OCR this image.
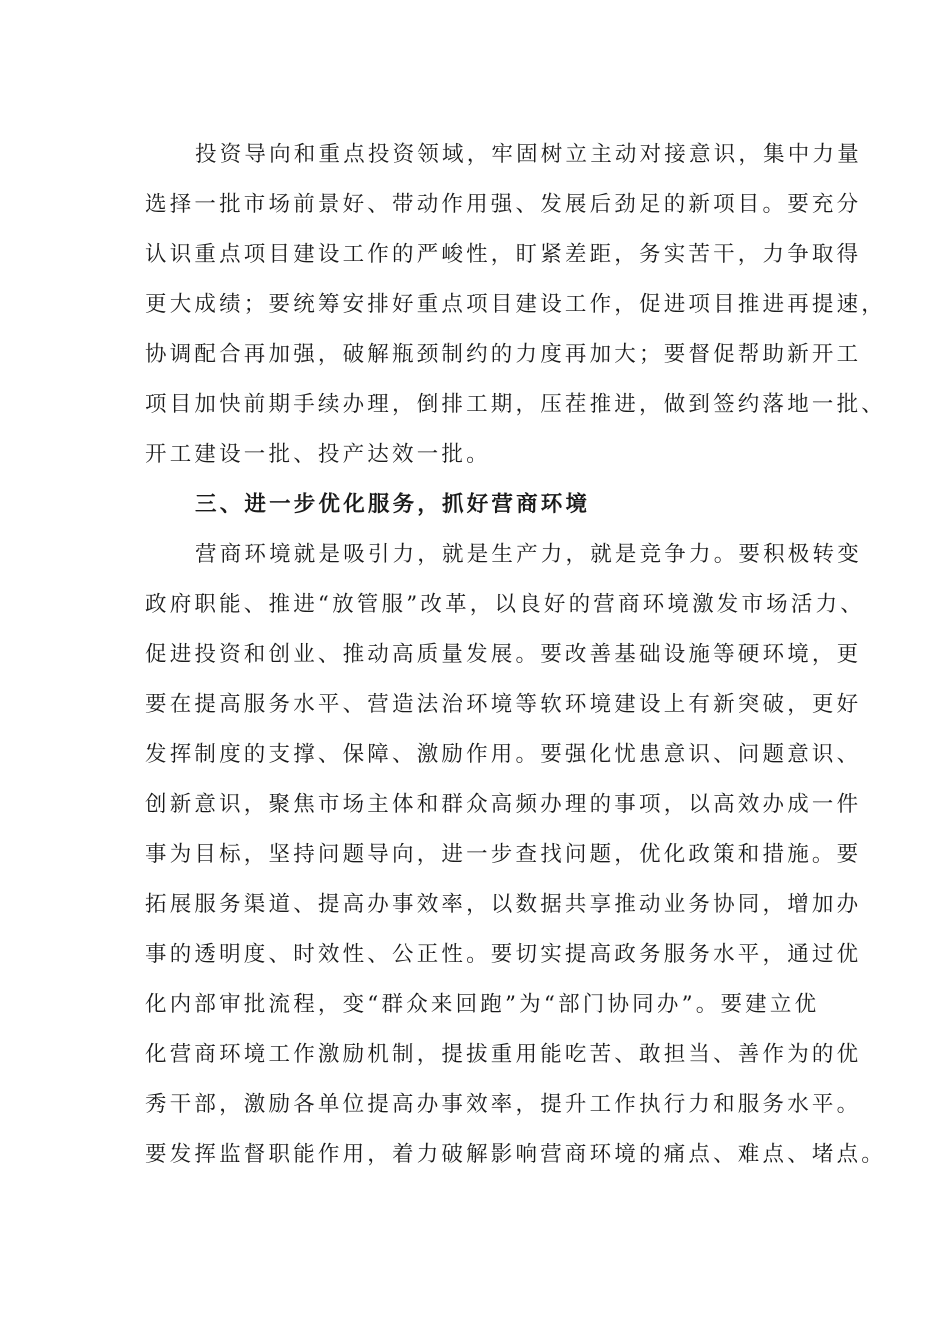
投资导向和重点投资领域，牢固树立主动对接意识，集中力量
选择一批市场前景好、带动作用强、发展后劲足的新项目。要充分
认识重点项目建设工作的严峻性，盯紧差距，务实苦干，力争取得
更大成绩；要统筹安排好重点项目建设工作，促进项目推进再提速，
协调配合再加强，破解瓶颈制约的力度再加大；要督促帮助新开工
项目加快前期手续办理，倒排工期，压茬推进，做到签约落地一批、
开工建设一批、投产达效一批。
三、进一步优化服务，抓好营商环境
营商环境就是吸引力，就是生产力，就是竞争力。要积极转变
政府职能、推进“放管服”改革，以良好的营商环境激发市场活力、
促进投资和创业、推动高质量发展。要改善基础设施等硬环境，更
要在提高服务水平、营造法治环境等软环境建设上有新突破，更好
发挥制度的支撑、保障、激励作用。要强化忧患意识、问题意识、
创新意识，聚焦市场主体和群众高频办理的事项，以高效办成一件
事为目标，坚持问题导向，进一步查找问题，优化政策和措施。要
拓展服务渠道、提高办事效率，以数据共享推动业务协同，增加办
事的透明度、时效性、公正性。要切实提高政务服务水平，通过优
化内部审批流程，变“群众来回跑”为“部门协同办”。要建立优
化营商环境工作激励机制，提拔重用能吃苦、敢担当、善作为的优
秀干部，激励各单位提高办事效率，提升工作执行力和服务水平。
要发挥监督职能作用，着力破解影响营商环境的痛点、难点、堵点。
